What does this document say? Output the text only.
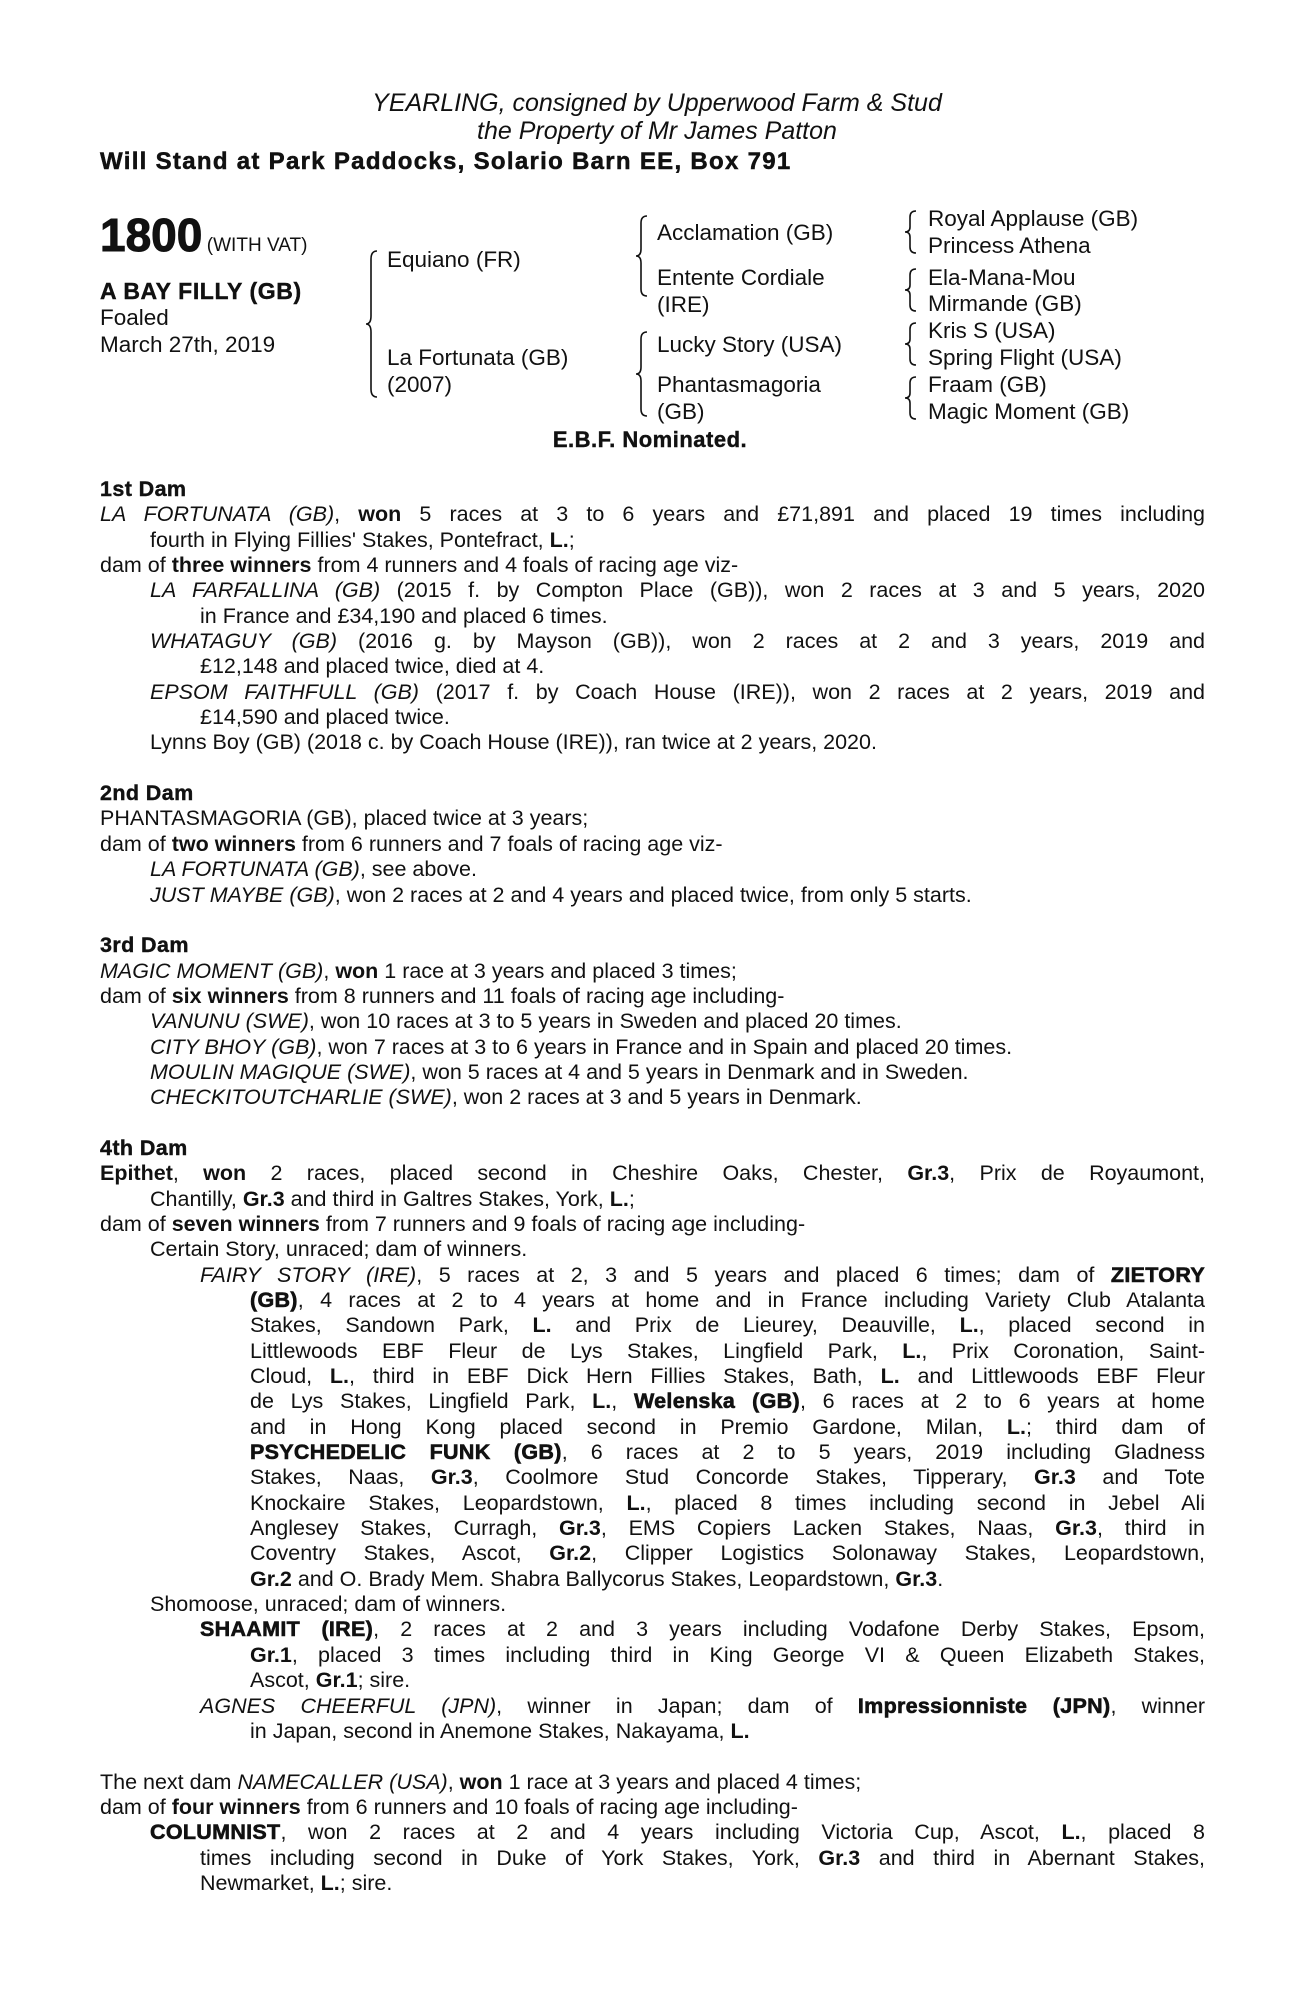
YEARLING, consigned by Upperwood Farm & Stud
the Property of Mr James Patton
Will Stand at Park Paddocks, Solario Barn EE, Box 791
1800 (WITH VAT)
A BAY FILLY (GB)
Foaled
March 27th, 2019
Equiano (FR)
La Fortunata (GB)
(2007)
Acclamation (GB)
Entente Cordiale
(IRE)
Lucky Story (USA)
Phantasmagoria
(GB)
Royal Applause (GB)
Princess Athena
Ela-Mana-Mou
Mirmande (GB)
Kris S (USA)
Spring Flight (USA)
Fraam (GB)
Magic Moment (GB)
E.B.F. Nominated.
1st Dam
LA FORTUNATA (GB), won 5 races at 3 to 6 years and £71,891 and placed 19 times including
fourth in Flying Fillies' Stakes, Pontefract, L.;
dam of three winners from 4 runners and 4 foals of racing age viz-
LA FARFALLINA (GB) (2015 f. by Compton Place (GB)), won 2 races at 3 and 5 years, 2020
in France and £34,190 and placed 6 times.
WHATAGUY (GB) (2016 g. by Mayson (GB)), won 2 races at 2 and 3 years, 2019 and
£12,148 and placed twice, died at 4.
EPSOM FAITHFULL (GB) (2017 f. by Coach House (IRE)), won 2 races at 2 years, 2019 and
£14,590 and placed twice.
Lynns Boy (GB) (2018 c. by Coach House (IRE)), ran twice at 2 years, 2020.
2nd Dam
PHANTASMAGORIA (GB), placed twice at 3 years;
dam of two winners from 6 runners and 7 foals of racing age viz-
LA FORTUNATA (GB), see above.
JUST MAYBE (GB), won 2 races at 2 and 4 years and placed twice, from only 5 starts.
3rd Dam
MAGIC MOMENT (GB), won 1 race at 3 years and placed 3 times;
dam of six winners from 8 runners and 11 foals of racing age including-
VANUNU (SWE), won 10 races at 3 to 5 years in Sweden and placed 20 times.
CITY BHOY (GB), won 7 races at 3 to 6 years in France and in Spain and placed 20 times.
MOULIN MAGIQUE (SWE), won 5 races at 4 and 5 years in Denmark and in Sweden.
CHECKITOUTCHARLIE (SWE), won 2 races at 3 and 5 years in Denmark.
4th Dam
Epithet, won 2 races, placed second in Cheshire Oaks, Chester, Gr.3, Prix de Royaumont,
Chantilly, Gr.3 and third in Galtres Stakes, York, L.;
dam of seven winners from 7 runners and 9 foals of racing age including-
Certain Story, unraced; dam of winners.
FAIRY STORY (IRE), 5 races at 2, 3 and 5 years and placed 6 times; dam of ZIETORY
(GB), 4 races at 2 to 4 years at home and in France including Variety Club Atalanta
Stakes, Sandown Park, L. and Prix de Lieurey, Deauville, L., placed second in
Littlewoods EBF Fleur de Lys Stakes, Lingfield Park, L., Prix Coronation, Saint-
Cloud, L., third in EBF Dick Hern Fillies Stakes, Bath, L. and Littlewoods EBF Fleur
de Lys Stakes, Lingfield Park, L., Welenska (GB), 6 races at 2 to 6 years at home
and in Hong Kong placed second in Premio Gardone, Milan, L.; third dam of
PSYCHEDELIC FUNK (GB), 6 races at 2 to 5 years, 2019 including Gladness
Stakes, Naas, Gr.3, Coolmore Stud Concorde Stakes, Tipperary, Gr.3 and Tote
Knockaire Stakes, Leopardstown, L., placed 8 times including second in Jebel Ali
Anglesey Stakes, Curragh, Gr.3, EMS Copiers Lacken Stakes, Naas, Gr.3, third in
Coventry Stakes, Ascot, Gr.2, Clipper Logistics Solonaway Stakes, Leopardstown,
Gr.2 and O. Brady Mem. Shabra Ballycorus Stakes, Leopardstown, Gr.3.
Shomoose, unraced; dam of winners.
SHAAMIT (IRE), 2 races at 2 and 3 years including Vodafone Derby Stakes, Epsom,
Gr.1, placed 3 times including third in King George VI & Queen Elizabeth Stakes,
Ascot, Gr.1; sire.
AGNES CHEERFUL (JPN), winner in Japan; dam of Impressionniste (JPN), winner
in Japan, second in Anemone Stakes, Nakayama, L.
The next dam NAMECALLER (USA), won 1 race at 3 years and placed 4 times;
dam of four winners from 6 runners and 10 foals of racing age including-
COLUMNIST, won 2 races at 2 and 4 years including Victoria Cup, Ascot, L., placed 8
times including second in Duke of York Stakes, York, Gr.3 and third in Abernant Stakes,
Newmarket, L.; sire.
